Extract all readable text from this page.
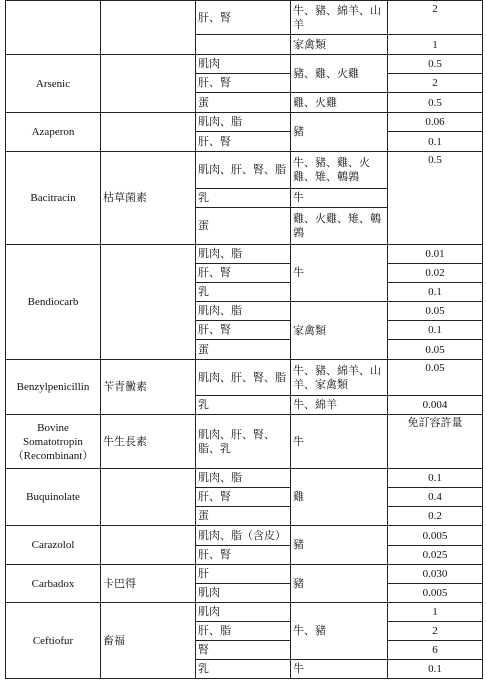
		肝、腎	牛、豬、綿羊、山羊	2
			家禽類	1
Arsenic		肌肉	豬、雞、火雞	0.5
		肝、腎		2
		蛋	雞、火雞	0.5
Azaperon		肌肉、脂	豬	0.06
		肝、腎		0.1
Bacitracin	枯草菌素	肌肉、肝、腎、脂	牛、豬、雞、火雞、雉、鵪鶉	0.5
		乳	牛	
		蛋	雞、火雞、雉、鵪鶉	
Bendiocarb		肌肉、脂	牛	0.01
		肝、腎		0.02
		乳		0.1
		肌肉、脂	家禽類	0.05
		肝、腎		0.1
		蛋		0.05
Benzylpenicillin	苄青黴素	肌肉、肝、腎、脂	牛、豬、綿羊、山羊、家禽類	0.05
		乳	牛、綿羊	0.004

Bovine
Somatotropin
（Recombinant）	牛生長素	肌肉、肝、腎、脂、乳	牛	免訂容許量
Buquinolate		肌肉、脂	雞	0.1
		肝、腎		0.4
		蛋		0.2
Carazolol		肌肉、脂（含皮）	豬	0.005
		肝、腎		0.025
Carbadox	卡巴得	肝	豬	0.030
		肌肉		0.005
Ceftiofur	畜福	肌肉	牛、豬	1
		肝、脂		2
		腎		6
		乳	牛	0.1
